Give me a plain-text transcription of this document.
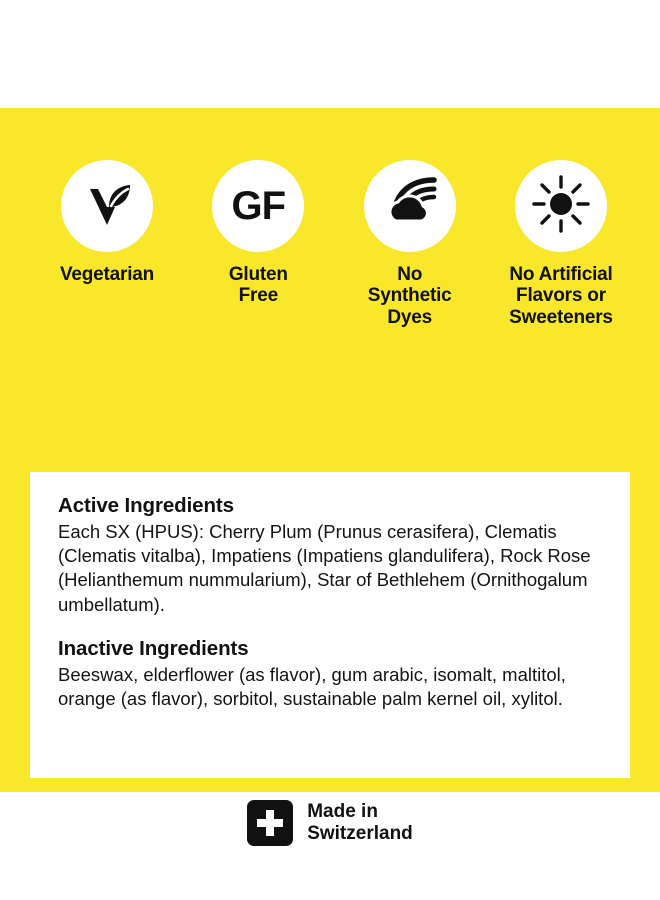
Vegetarian
GF
Gluten
Free
No
Synthetic
Dyes
No Artificial
Flavors or
Sweeteners
Active Ingredients

Each SX (HPUS): Cherry Plum (Prunus cerasifera), Clematis (Clematis vitalba), Impatiens (Impatiens glandulifera), Rock Rose (Helianthemum nummularium), Star of Bethlehem (Ornithogalum umbellatum).

Inactive Ingredients

Beeswax, elderflower (as flavor), gum arabic, isomalt, maltitol, orange (as flavor), sorbitol, sustainable palm kernel oil, xylitol.

Made in
Switzerland
